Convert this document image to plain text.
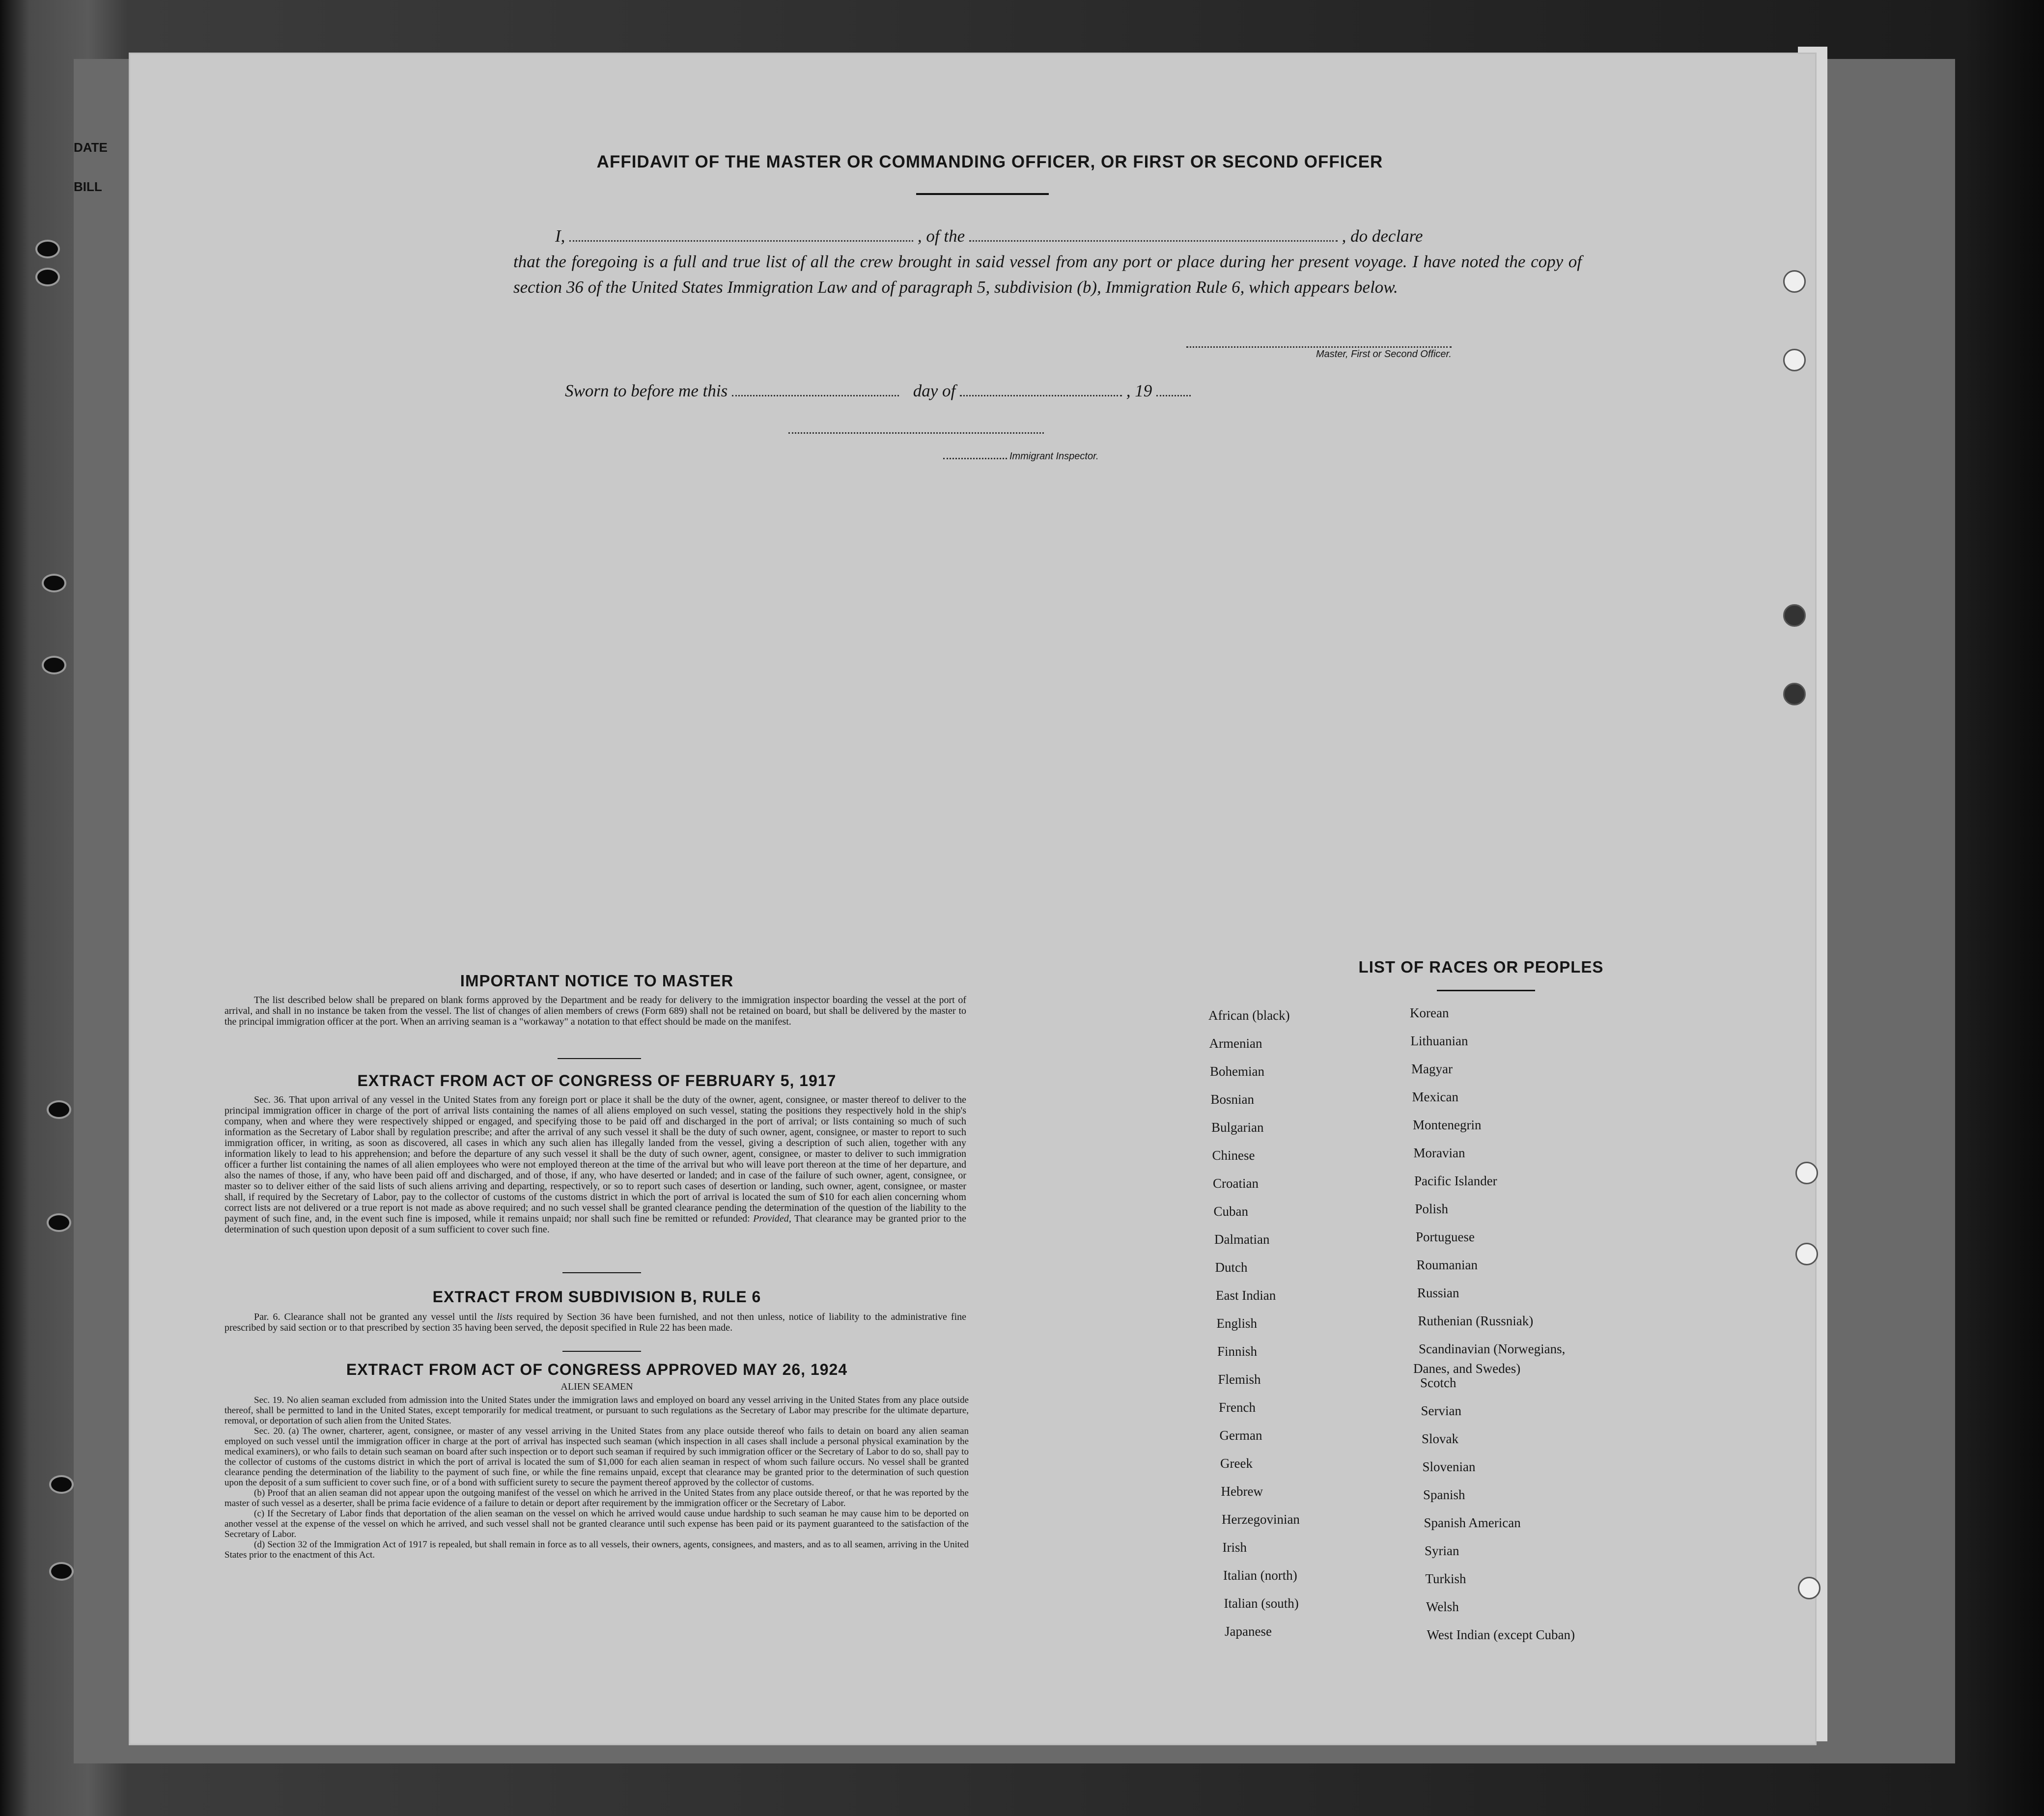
DATE
BILL
AFFIDAVIT OF THE MASTER OR COMMANDING OFFICER, OR FIRST OR SECOND OFFICER
I,	, of the	, do declare
that the foregoing is a full and true list of all the crew brought in said vessel from any port or place during her present voyage. I have noted the copy of section 36 of the United States Immigration Law and of paragraph 5, subdivision (b), Immigration Rule 6, which appears below.
Master, First or Second Officer.
Sworn to before me this	day of	, 19
Immigrant Inspector.
IMPORTANT NOTICE TO MASTER
The list described below shall be prepared on blank forms approved by the Department and be ready for delivery to the immigration inspector boarding the vessel at the port of arrival, and shall in no instance be taken from the vessel. The list of changes of alien members of crews (Form 689) shall not be retained on board, but shall be delivered by the master to the principal immigration officer at the port. When an arriving seaman is a "workaway" a notation to that effect should be made on the manifest.
EXTRACT FROM ACT OF CONGRESS OF FEBRUARY 5, 1917
Sec. 36. That upon arrival of any vessel in the United States from any foreign port or place it shall be the duty of the owner, agent, consignee, or master thereof to deliver to the principal immigration officer in charge of the port of arrival lists containing the names of all aliens employed on such vessel, stating the positions they respectively hold in the ship's company, when and where they were respectively shipped or engaged, and specifying those to be paid off and discharged in the port of arrival; or lists containing so much of such information as the Secretary of Labor shall by regulation prescribe; and after the arrival of any such vessel it shall be the duty of such owner, agent, consignee, or master to report to such immigration officer, in writing, as soon as discovered, all cases in which any such alien has illegally landed from the vessel, giving a description of such alien, together with any information likely to lead to his apprehension; and before the departure of any such vessel it shall be the duty of such owner, agent, consignee, or master to deliver to such immigration officer a further list containing the names of all alien employees who were not employed thereon at the time of the arrival but who will leave port thereon at the time of her departure, and also the names of those, if any, who have been paid off and discharged, and of those, if any, who have deserted or landed; and in case of the failure of such owner, agent, consignee, or master so to deliver either of the said lists of such aliens arriving and departing, respectively, or so to report such cases of desertion or landing, such owner, agent, consignee, or master shall, if required by the Secretary of Labor, pay to the collector of customs of the customs district in which the port of arrival is located the sum of $10 for each alien concerning whom correct lists are not delivered or a true report is not made as above required; and no such vessel shall be granted clearance pending the determination of the question of the liability to the payment of such fine, and, in the event such fine is imposed, while it remains unpaid; nor shall such fine be remitted or refunded: Provided, That clearance may be granted prior to the determination of such question upon deposit of a sum sufficient to cover such fine.
EXTRACT FROM SUBDIVISION B, RULE 6
Par. 6. Clearance shall not be granted any vessel until the lists required by Section 36 have been furnished, and not then unless, notice of liability to the administrative fine prescribed by said section or to that prescribed by section 35 having been served, the deposit specified in Rule 22 has been made.
EXTRACT FROM ACT OF CONGRESS APPROVED MAY 26, 1924
ALIEN SEAMEN
Sec. 19. No alien seaman excluded from admission into the United States under the immigration laws and employed on board any vessel arriving in the United States from any place outside thereof, shall be permitted to land in the United States, except temporarily for medical treatment, or pursuant to such regulations as the Secretary of Labor may prescribe for the ultimate departure, removal, or deportation of such alien from the United States.
Sec. 20. (a) The owner, charterer, agent, consignee, or master of any vessel arriving in the United States from any place outside thereof who fails to detain on board any alien seaman employed on such vessel until the immigration officer in charge at the port of arrival has inspected such seaman (which inspection in all cases shall include a personal physical examination by the medical examiners), or who fails to detain such seaman on board after such inspection or to deport such seaman if required by such immigration officer or the Secretary of Labor to do so, shall pay to the collector of customs of the customs district in which the port of arrival is located the sum of $1,000 for each alien seaman in respect of whom such failure occurs. No vessel shall be granted clearance pending the determination of the liability to the payment of such fine, or while the fine remains unpaid, except that clearance may be granted prior to the determination of such question upon the deposit of a sum sufficient to cover such fine, or of a bond with sufficient surety to secure the payment thereof approved by the collector of customs.
(b) Proof that an alien seaman did not appear upon the outgoing manifest of the vessel on which he arrived in the United States from any place outside thereof, or that he was reported by the master of such vessel as a deserter, shall be prima facie evidence of a failure to detain or deport after requirement by the immigration officer or the Secretary of Labor.
(c) If the Secretary of Labor finds that deportation of the alien seaman on the vessel on which he arrived would cause undue hardship to such seaman he may cause him to be deported on another vessel at the expense of the vessel on which he arrived, and such vessel shall not be granted clearance until such expense has been paid or its payment guaranteed to the satisfaction of the Secretary of Labor.
(d) Section 32 of the Immigration Act of 1917 is repealed, but shall remain in force as to all vessels, their owners, agents, consignees, and masters, and as to all seamen, arriving in the United States prior to the enactment of this Act.
LIST OF RACES OR PEOPLES
African (black)
Armenian
Bohemian
Bosnian
Bulgarian
Chinese
Croatian
Cuban
Dalmatian
Dutch
East Indian
English
Finnish
Flemish
French
German
Greek
Hebrew
Herzegovinian
Irish
Italian (north)
Italian (south)
Japanese
Korean
Lithuanian
Magyar
Mexican
Montenegrin
Moravian
Pacific Islander
Polish
Portuguese
Roumanian
Russian
Ruthenian (Russniak)
Scandinavian (Norwegians,
Danes, and Swedes)
Scotch
Servian
Slovak
Slovenian
Spanish
Spanish American
Syrian
Turkish
Welsh
West Indian (except Cuban)
